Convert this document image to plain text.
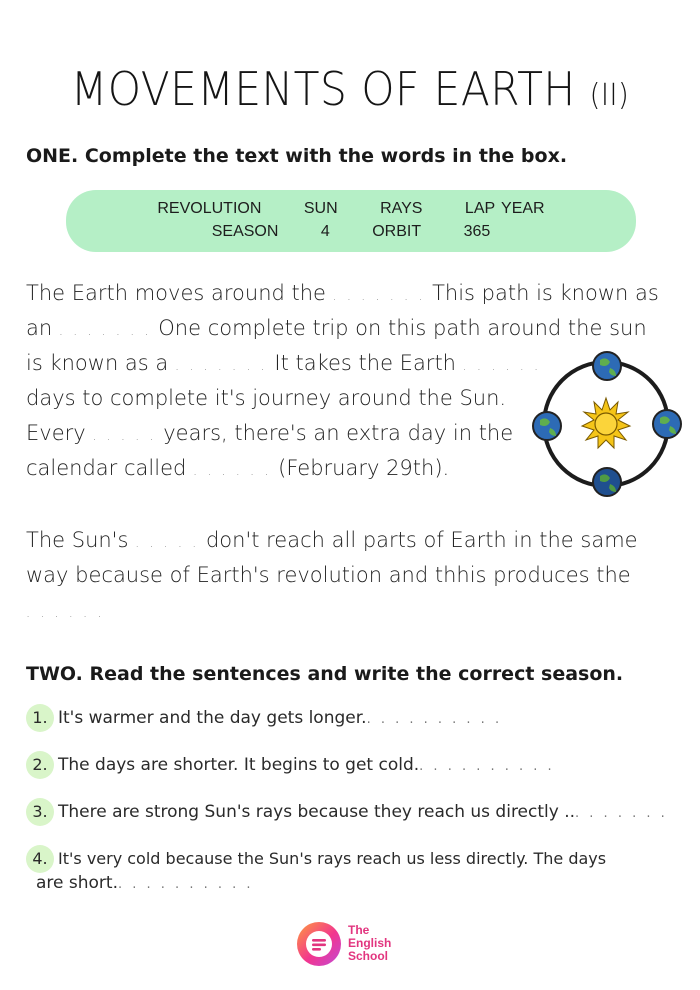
MOVEMENTS OF EARTH (II)
ONE. Complete the text with the words in the box.
REVOLUTION	SUN	RAYS	LAP YEAR
SEASON	4	ORBIT	365
The Earth moves around the . . . . . . . This path is known as
an . . . . . . . One complete trip on this path around the sun
is known as a . . . . . . . It takes the Earth . . . . . .
days to complete it's journey around the Sun.
Every . . . . . years, there's an extra day in the
calendar called . . . . . . (February 29th).
The Sun's . . . . . don't reach all parts of Earth in the same
way because of Earth's revolution and thhis produces the
. . . . . .
TWO. Read the sentences and write the correct season.
1. It's warmer and the day gets longer.. . . . . . . . . .
2. The days are shorter. It begins to get cold.. . . . . . . . . .
3. There are strong Sun's rays because they reach us directly ... . . . . . .
4. It's very cold because the Sun's rays reach us less directly. The days
are short.. . . . . . . . . .
The
English
School
